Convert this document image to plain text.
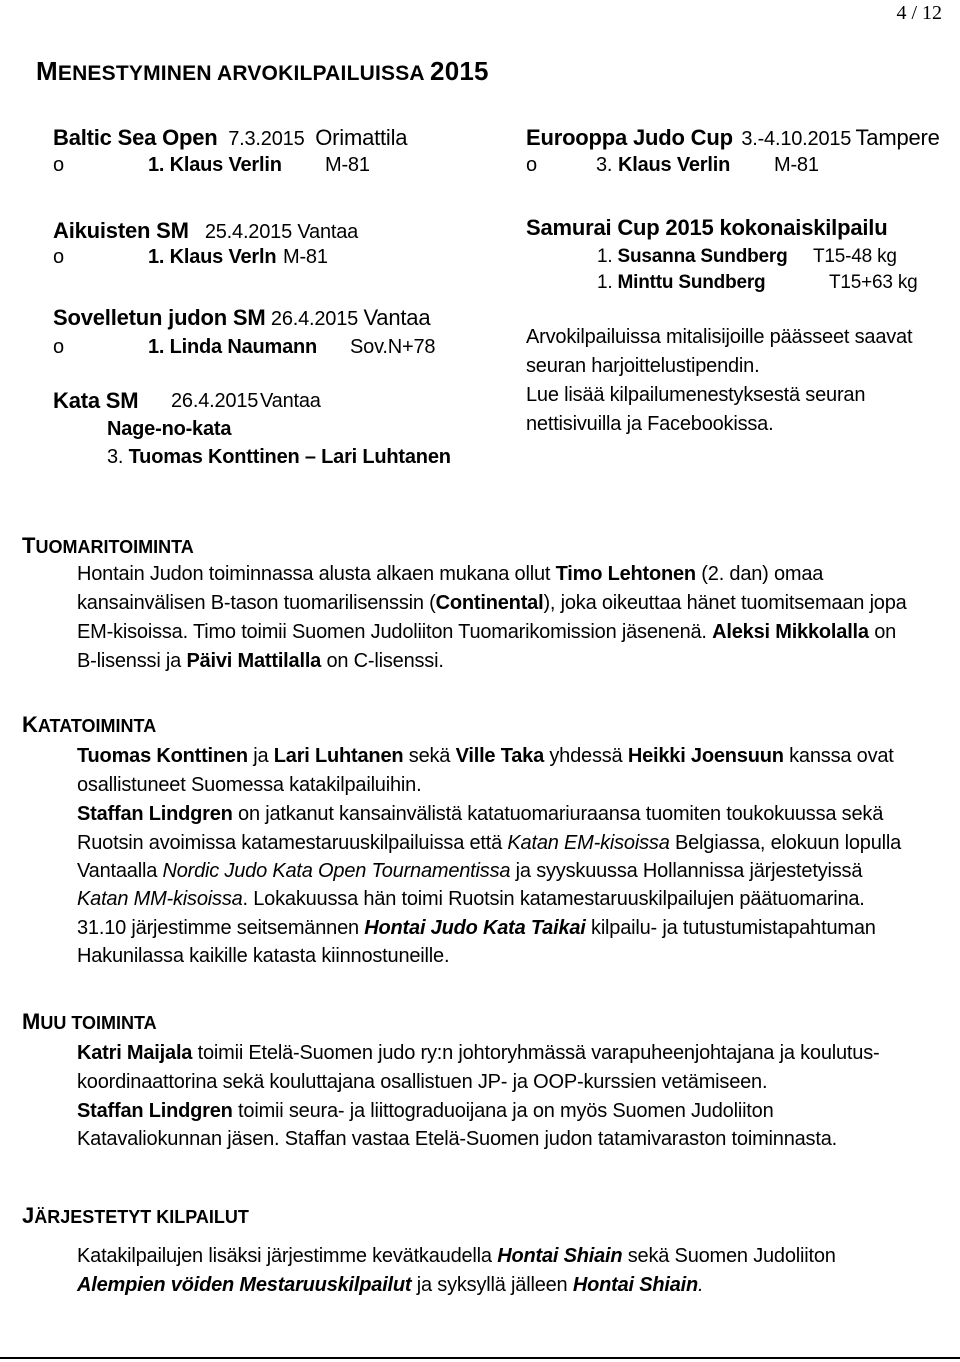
4 / 12
MENESTYMINEN ARVOKILPAILUISSA 2015
Baltic Sea Open 7.3.2015 Orimattila
o	1. Klaus Verlin M-81
Aikuisten SM 25.4.2015 Vantaa
o	1. Klaus Verln M-81
Sovelletun judon SM 26.4.2015 Vantaa
o	1. Linda Naumann Sov.N+78
Kata SM 26.4.2015 Vantaa
Nage-no-kata
3. Tuomas Konttinen – Lari Luhtanen
Eurooppa Judo Cup 3.-4.10.2015 Tampere
o	3. Klaus Verlin M-81
Samurai Cup 2015 kokonaiskilpailu
1. Susanna Sundberg T15-48 kg
1. Minttu Sundberg	T15+63 kg
Arvokilpailuissa mitalisijoille päässeet saavat
seuran harjoittelustipendin.
Lue lisää kilpailumenestyksestä seuran
nettisivuilla ja Facebookissa.
TUOMARITOIMINTA
Hontain Judon toiminnassa alusta alkaen mukana ollut Timo Lehtonen (2. dan) omaa
kansainvälisen B-tason tuomarilisenssin (Continental), joka oikeuttaa hänet tuomitsemaan jopa
EM-kisoissa. Timo toimii Suomen Judoliiton Tuomarikomission jäsenenä. Aleksi Mikkolalla on
B-lisenssi ja Päivi Mattilalla on C-lisenssi.
KATATOIMINTA
Tuomas Konttinen ja Lari Luhtanen sekä Ville Taka yhdessä Heikki Joensuun kanssa ovat
osallistuneet Suomessa katakilpailuihin.
Staffan Lindgren on jatkanut kansainvälistä katatuomariuraansa tuomiten toukokuussa sekä
Ruotsin avoimissa katamestaruuskilpailuissa että Katan EM-kisoissa Belgiassa, elokuun lopulla
Vantaalla Nordic Judo Kata Open Tournamentissa ja syyskuussa Hollannissa järjestetyissä
Katan MM-kisoissa. Lokakuussa hän toimi Ruotsin katamestaruuskilpailujen päätuomarina.
31.10 järjestimme seitsemännen Hontai Judo Kata Taikai kilpailu- ja tutustumistapahtuman
Hakunilassa kaikille katasta kiinnostuneille.
MUU TOIMINTA
Katri Maijala toimii Etelä-Suomen judo ry:n johtoryhmässä varapuheenjohtajana ja koulutus-
koordinaattorina sekä kouluttajana osallistuen JP- ja OOP-kurssien vetämiseen.
Staffan Lindgren toimii seura- ja liittograduoijana ja on myös Suomen Judoliiton
Katavaliokunnan jäsen. Staffan vastaa Etelä-Suomen judon tatamivaraston toiminnasta.
JÄRJESTETYT KILPAILUT
Katakilpailujen lisäksi järjestimme kevätkaudella Hontai Shiain sekä Suomen Judoliiton
Alempien vöiden Mestaruuskilpailut ja syksyllä jälleen Hontai Shiain.
